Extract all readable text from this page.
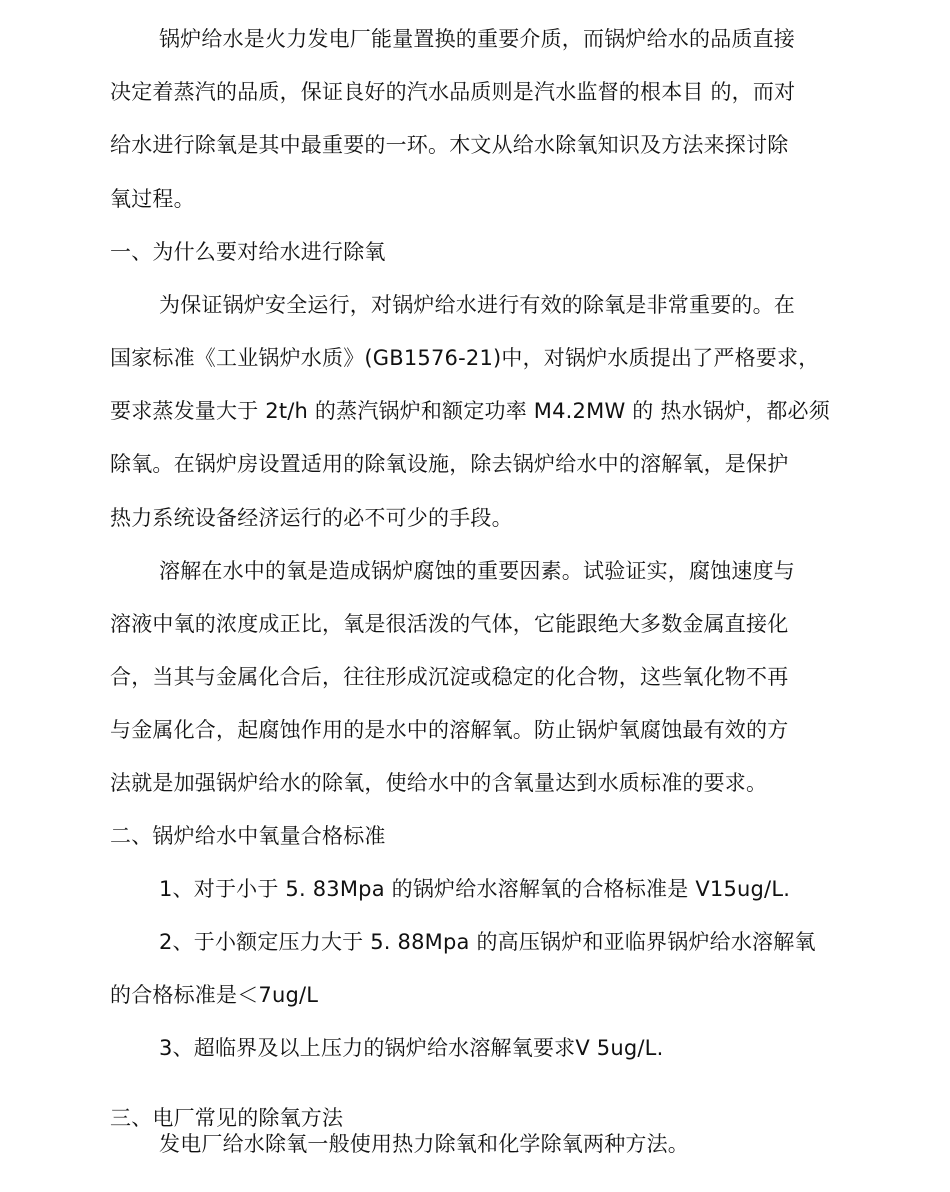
锅炉给水是火力发电厂能量置换的重要介质，而锅炉给水的品质直接
决定着蒸汽的品质，保证良好的汽水品质则是汽水监督的根本目 的，而对
给水进行除氧是其中最重要的一环。木文从给水除氧知识及方法来探讨除
氧过程。
一、为什么要对给水进行除氧
为保证锅炉安全运行，对锅炉给水进行有效的除氧是非常重要的。在
国家标准《工业锅炉水质》(GB1576-21)中，对锅炉水质提出了严格要求，
要求蒸发量大于 2t/h 的蒸汽锅炉和额定功率 M4.2MW 的 热水锅炉，都必须
除氧。在锅炉房设置适用的除氧设施，除去锅炉给水中的溶解氧，是保护
热力系统设备经济运行的必不可少的手段。
溶解在水中的氧是造成锅炉腐蚀的重要因素。试验证实，腐蚀速度与
溶液中氧的浓度成正比，氧是很活泼的气体，它能跟绝大多数金属直接化
合，当其与金属化合后，往往形成沉淀或稳定的化合物，这些氧化物不再
与金属化合，起腐蚀作用的是水中的溶解氧。防止锅炉氧腐蚀最有效的方
法就是加强锅炉给水的除氧，使给水中的含氧量达到水质标准的要求。
二、锅炉给水中氧量合格标准
1、对于小于 5. 83Mpa 的锅炉给水溶解氧的合格标准是 V15ug/L.
2、于小额定压力大于 5. 88Mpa 的高压锅炉和亚临界锅炉给水溶解氧
的合格标准是＜7ug/L
3、超临界及以上压力的锅炉给水溶解氧要求Ⅴ 5ug/L.
三、电厂常见的除氧方法
发电厂给水除氧一般使用热力除氧和化学除氧两种方法。
